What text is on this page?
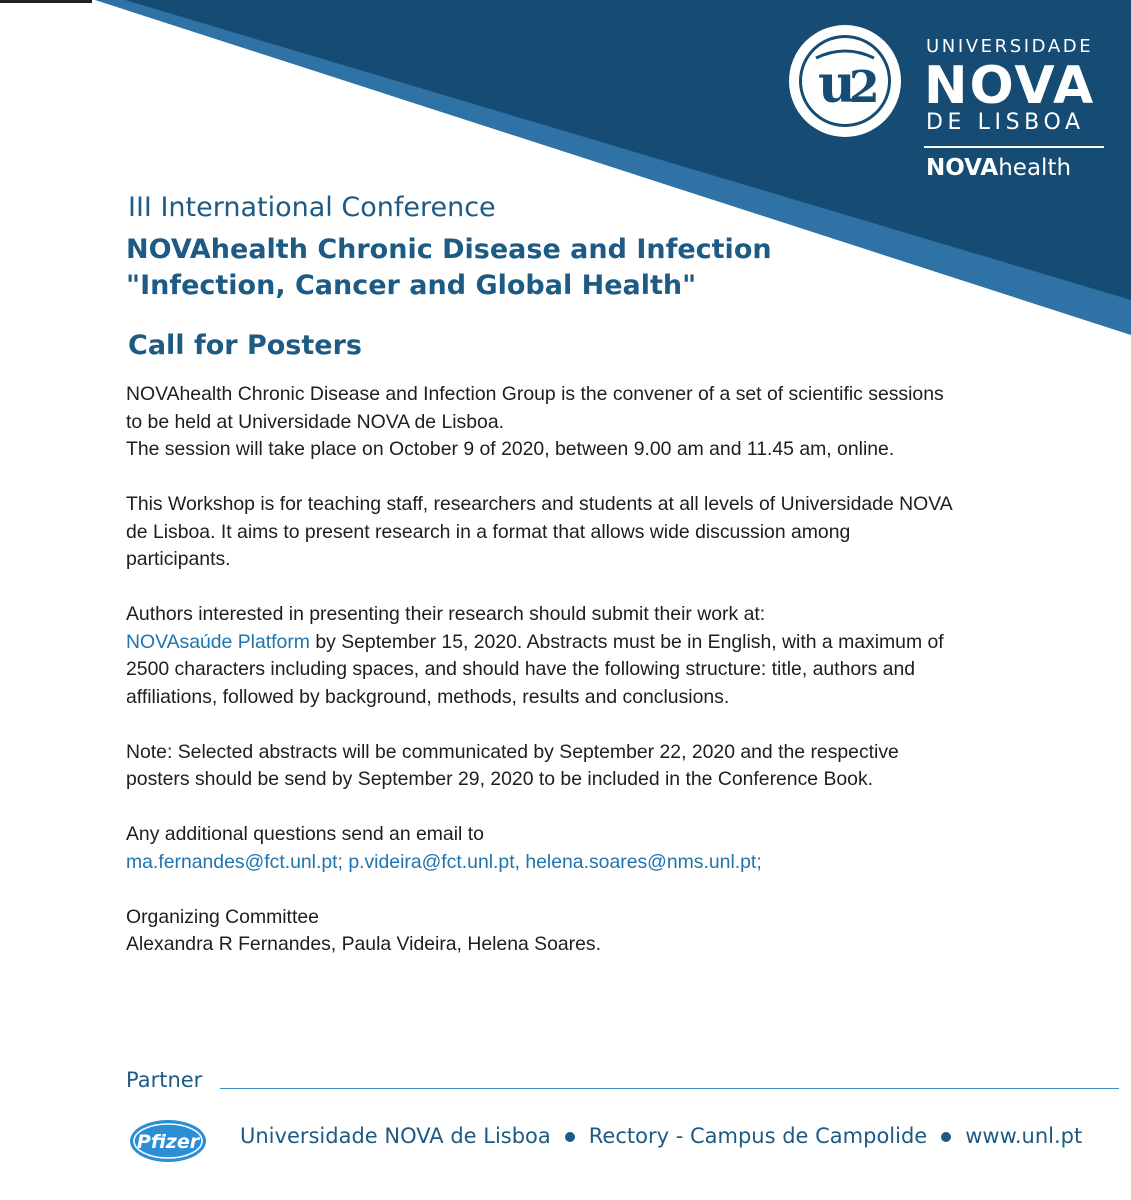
u
2
UNIVERSIDADE
NOVA
DE LISBOA
NOVAhealth
III International Conference
NOVAhealth Chronic Disease and Infection
"Infection, Cancer and Global Health"
Call for Posters

NOVAhealth Chronic Disease and Infection Group is the convener of a set of scientific sessions to be held at Universidade NOVA de Lisboa.
The session will take place on October 9 of 2020, between 9.00 am and 11.45 am, online.

This Workshop is for teaching staff, researchers and students at all levels of Universidade NOVA de Lisboa. It aims to present research in a format that allows wide discussion among participants.

Authors interested in presenting their research should submit their work at:
NOVAsaúde Platform by September 15, 2020. Abstracts must be in English, with a maximum of 2500 characters including spaces, and should have the following structure: title, authors and affiliations, followed by background, methods, results and conclusions.

Note: Selected abstracts will be communicated by September 22, 2020 and the respective posters should be send by September 29, 2020 to be included in the Conference Book.

Any additional questions send an email to
ma.fernandes@fct.unl.pt; p.videira@fct.unl.pt, helena.soares@nms.unl.pt;

Organizing Committee
Alexandra R Fernandes, Paula Videira, Helena Soares.

Partner
Pfizer Universidade NOVA de Lisboa Rectory - Campus de Campolide www.unl.pt
